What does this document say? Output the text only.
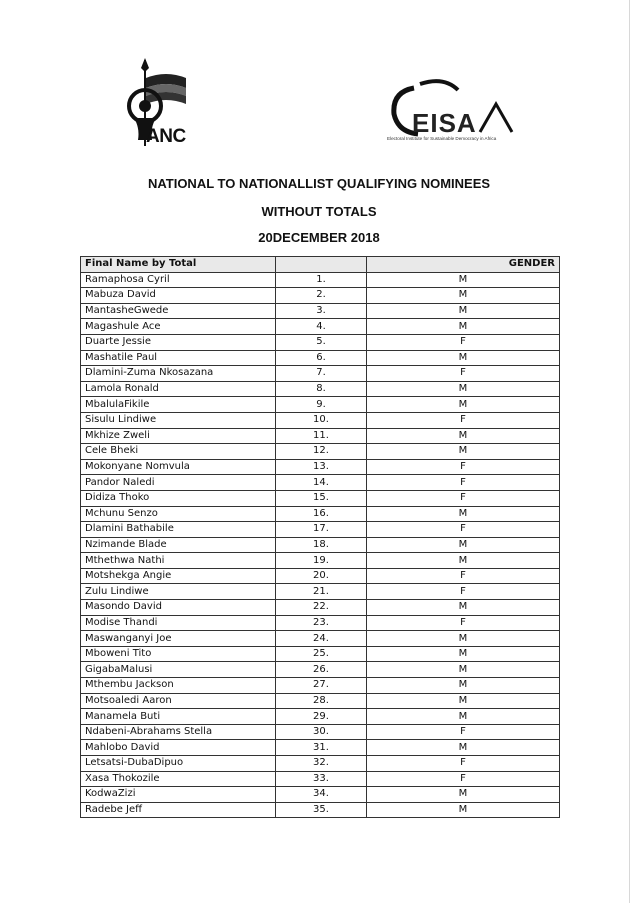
ANC	EISA
Electoral Institute for Sustainable Democracy in Africa
NATIONAL TO NATIONALLIST QUALIFYING NOMINEES
WITHOUT TOTALS
20DECEMBER 2018
Final Name by Total		GENDER
Ramaphosa Cyril	1.	M
Mabuza David	2.	M
MantasheGwede	3.	M
Magashule Ace	4.	M
Duarte Jessie	5.	F
Mashatile Paul	6.	M
Dlamini-Zuma Nkosazana	7.	F
Lamola Ronald	8.	M
MbalulaFikile	9.	M
Sisulu Lindiwe	10.	F
Mkhize Zweli	11.	M
Cele Bheki	12.	M
Mokonyane Nomvula	13.	F
Pandor Naledi	14.	F
Didiza Thoko	15.	F
Mchunu Senzo	16.	M
Dlamini Bathabile	17.	F
Nzimande Blade	18.	M
Mthethwa Nathi	19.	M
Motshekga Angie	20.	F
Zulu Lindiwe	21.	F
Masondo David	22.	M
Modise Thandi	23.	F
Maswanganyi Joe	24.	M
Mboweni Tito	25.	M
GigabaMalusi	26.	M
Mthembu Jackson	27.	M
Motsoaledi Aaron	28.	M
Manamela Buti	29.	M
Ndabeni-Abrahams Stella	30.	F
Mahlobo David	31.	M
Letsatsi-DubaDipuo	32.	F
Xasa Thokozile	33.	F
KodwaZizi	34.	M
Radebe Jeff	35.	M
